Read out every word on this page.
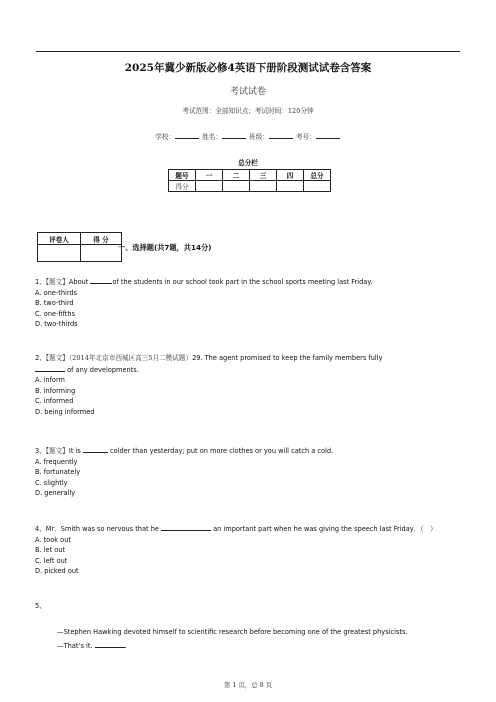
2025年冀少新版必修4英语下册阶段测试试卷含答案
考试试卷
考试范围：全部知识点；考试时间：120分钟
学校：	姓名：	班级：	考号：
总分栏
题号	一	二	三	四	总分
得分					
评卷人	得 分

一、选择题(共7题，共14分)
1、【题文】About	of the students in our school took part in the school sports meeting last Friday.
A. one-thirds
B. two-third
C. one-fifths
D. two-thirds
2、【题文】（2014年北京市西城区高三5月二模试题）29. The agent promised to keep the family members fully
of any developments.
A. inform
B. informing
C. informed
D. being informed
3、【题文】It is	colder than yesterday; put on more clothes or you will catch a cold.
A. frequently
B. fortunately
C. slightly
D. generally
4、Mr．Smith was so nervous that he	an important part when he was giving the speech last Friday．（　）
A. took out
B. let out
C. left out
D. picked out
5、
—Stephen Hawking devoted himself to scientific research before becoming one of the greatest physicists.
—That’s it.	.
第 1 页，总 8 页
